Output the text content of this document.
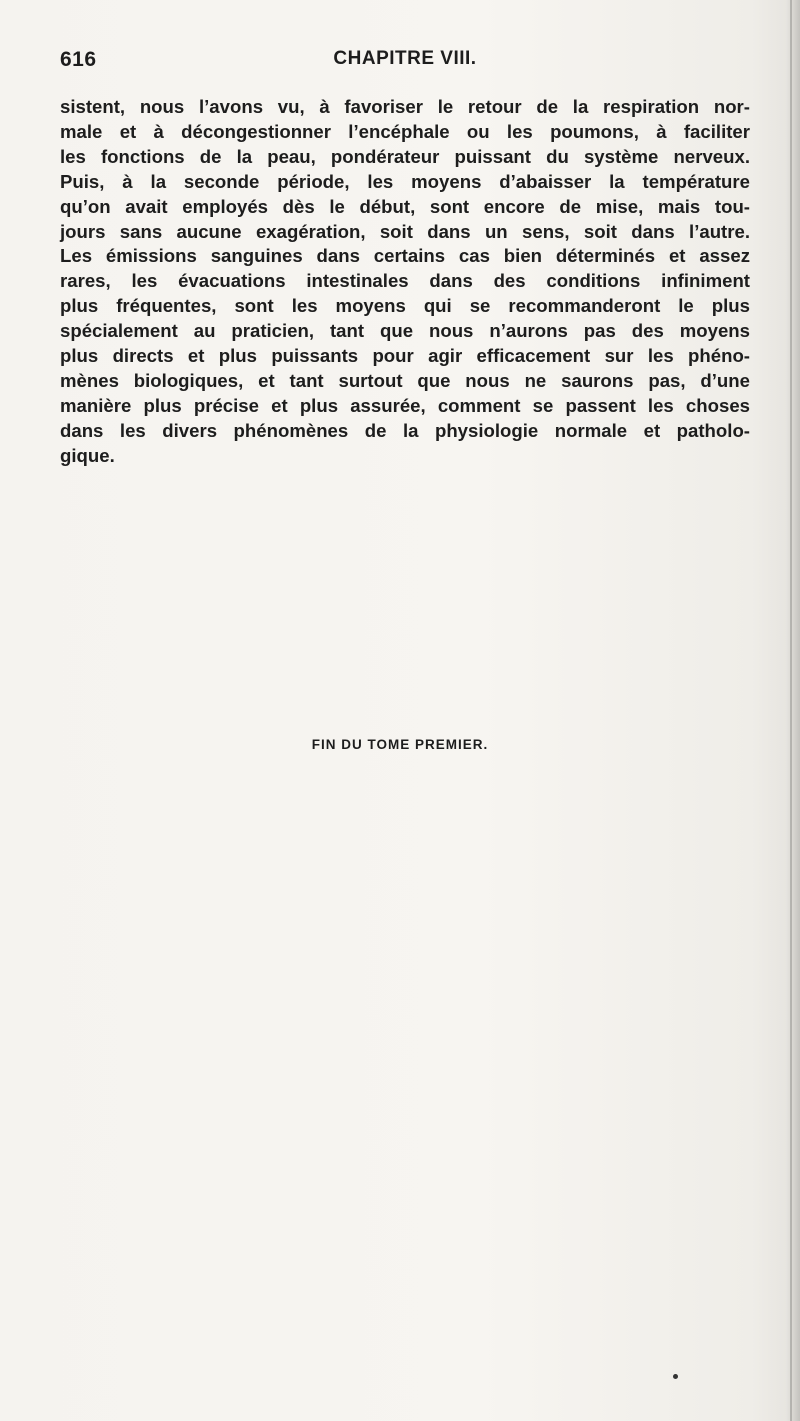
616	CHAPITRE VIII.
sistent, nous l’avons vu, à favoriser le retour de la respiration nor-
male et à décongestionner l’encéphale ou les poumons, à faciliter
les fonctions de la peau, pondérateur puissant du système nerveux.
Puis, à la seconde période, les moyens d’abaisser la température
qu’on avait employés dès le début, sont encore de mise, mais tou-
jours sans aucune exagération, soit dans un sens, soit dans l’autre.
Les émissions sanguines dans certains cas bien déterminés et assez
rares, les évacuations intestinales dans des conditions infiniment
plus fréquentes, sont les moyens qui se recommanderont le plus
spécialement au praticien, tant que nous n’aurons pas des moyens
plus directs et plus puissants pour agir efficacement sur les phéno-
mènes biologiques, et tant surtout que nous ne saurons pas, d’une
manière plus précise et plus assurée, comment se passent les choses
dans les divers phénomènes de la physiologie normale et patholo-
gique.
FIN DU TOME PREMIER.
